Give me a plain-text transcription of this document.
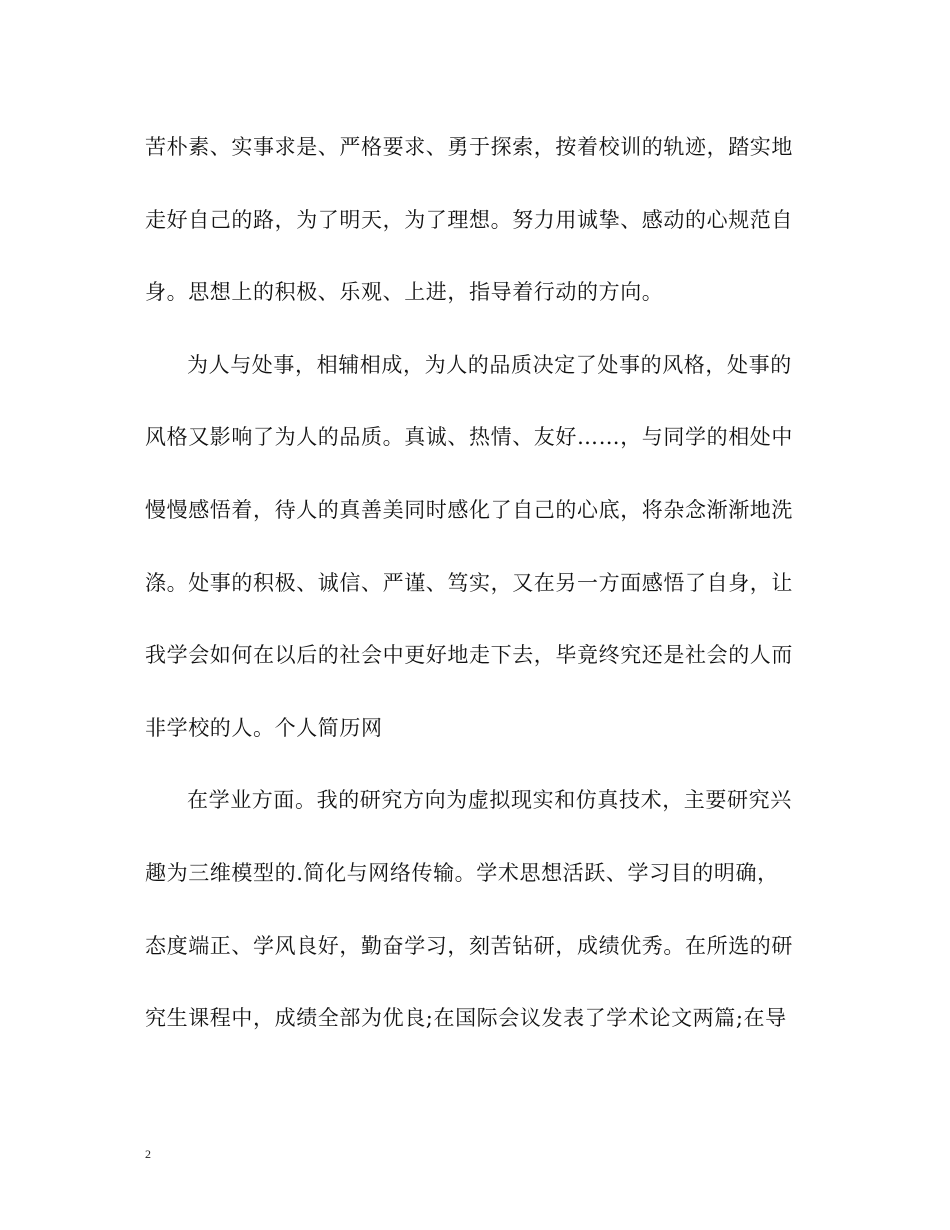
苦朴素、实事求是、严格要求、勇于探索，按着校训的轨迹，踏实地
走好自己的路，为了明天，为了理想。努力用诚挚、感动的心规范自
身。思想上的积极、乐观、上进，指导着行动的方向。
为人与处事，相辅相成，为人的品质决定了处事的风格，处事的
风格又影响了为人的品质。真诚、热情、友好……，与同学的相处中
慢慢感悟着，待人的真善美同时感化了自己的心底，将杂念渐渐地洗
涤。处事的积极、诚信、严谨、笃实，又在另一方面感悟了自身，让
我学会如何在以后的社会中更好地走下去，毕竟终究还是社会的人而
非学校的人。个人简历网
在学业方面。我的研究方向为虚拟现实和仿真技术，主要研究兴
趣为三维模型的.简化与网络传输。学术思想活跃、学习目的明确，
态度端正、学风良好，勤奋学习，刻苦钻研，成绩优秀。在所选的研
究生课程中，成绩全部为优良;在国际会议发表了学术论文两篇;在导
2
